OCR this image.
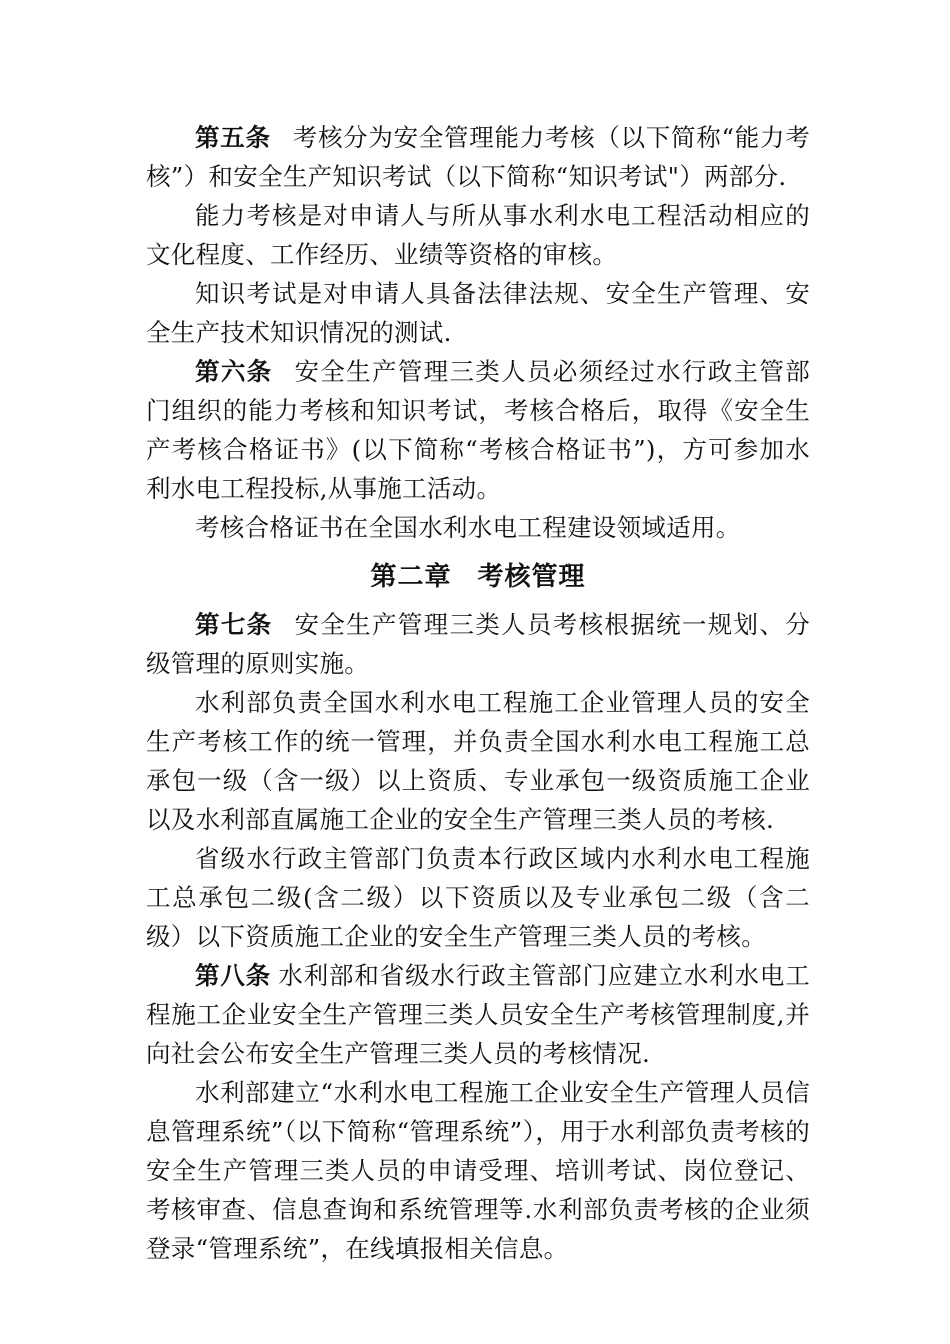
第五条 考核分为安全管理能力考核（以下简称“能力考核”）和安全生产知识考试（以下简称“知识考试"）两部分.

能力考核是对申请人与所从事水利水电工程活动相应的文化程度、工作经历、业绩等资格的审核。

知识考试是对申请人具备法律法规、安全生产管理、安全生产技术知识情况的测试.

第六条 安全生产管理三类人员必须经过水行政主管部门组织的能力考核和知识考试，考核合格后，取得《安全生产考核合格证书》(以下简称“考核合格证书”)，方可参加水利水电工程投标,从事施工活动。

考核合格证书在全国水利水电工程建设领域适用。

第二章 考核管理

第七条 安全生产管理三类人员考核根据统一规划、分级管理的原则实施。

水利部负责全国水利水电工程施工企业管理人员的安全生产考核工作的统一管理，并负责全国水利水电工程施工总承包一级（含一级）以上资质、专业承包一级资质施工企业以及水利部直属施工企业的安全生产管理三类人员的考核.

省级水行政主管部门负责本行政区域内水利水电工程施工总承包二级(含二级）以下资质以及专业承包二级（含二级）以下资质施工企业的安全生产管理三类人员的考核。

第八条 水利部和省级水行政主管部门应建立水利水电工程施工企业安全生产管理三类人员安全生产考核管理制度,并向社会公布安全生产管理三类人员的考核情况.

水利部建立“水利水电工程施工企业安全生产管理人员信息管理系统”（以下简称“管理系统”），用于水利部负责考核的安全生产管理三类人员的申请受理、培训考试、岗位登记、考核审查、信息查询和系统管理等.水利部负责考核的企业须登录“管理系统”，在线填报相关信息。
